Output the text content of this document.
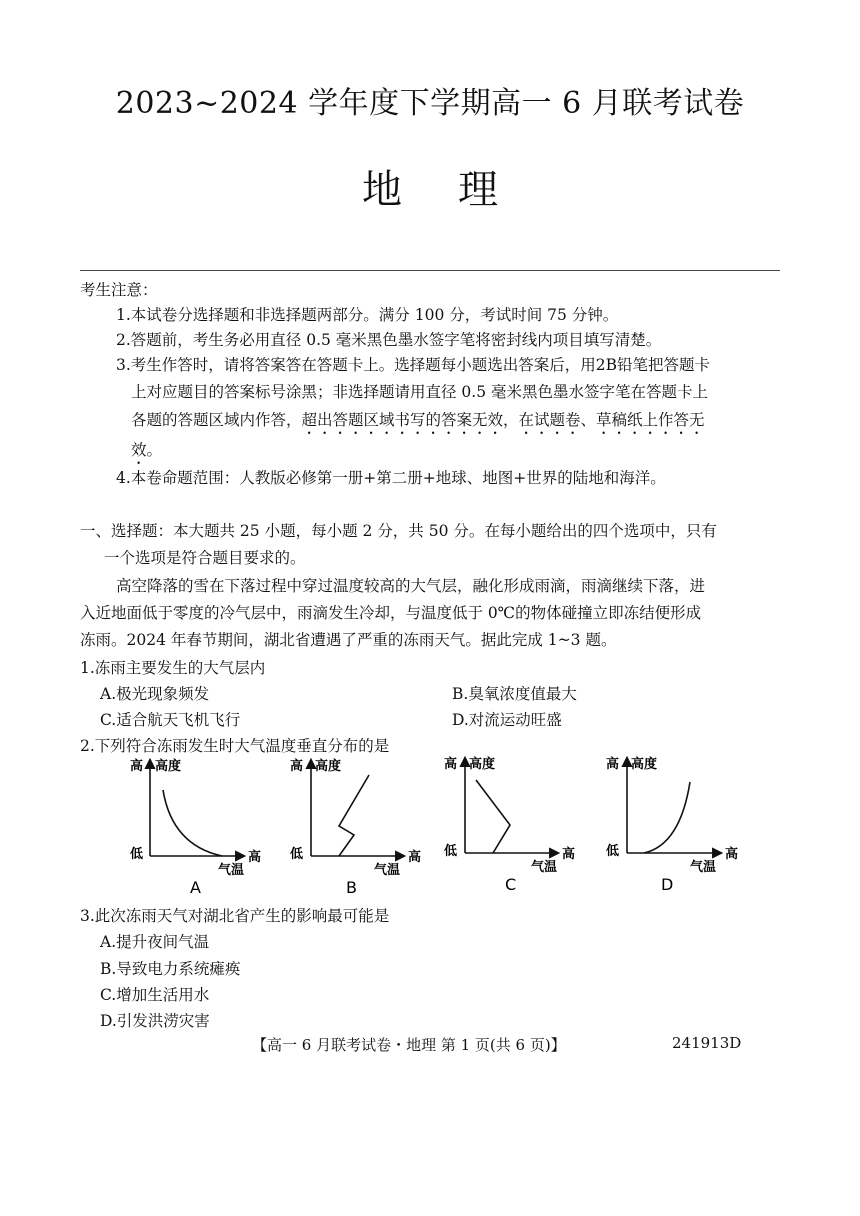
2023~2024 学年度下学期高一 6 月联考试卷
地 理
考生注意：
1.本试卷分选择题和非选择题两部分。满分 100 分，考试时间 75 分钟。
2.答题前，考生务必用直径 0.5 毫米黑色墨水签字笔将密封线内项目填写清楚。
3.考生作答时，请将答案答在答题卡上。选择题每小题选出答案后，用2B铅笔把答题卡
上对应题目的答案标号涂黑；非选择题请用直径 0.5 毫米黑色墨水签字笔在答题卡上
各题的答题区域内作答，超出答题区域书写的答案无效，在试题卷、草稿纸上作答无
效。
4.本卷命题范围：人教版必修第一册+第二册+地球、地图+世界的陆地和海洋。
一、选择题：本大题共 25 小题，每小题 2 分，共 50 分。在每小题给出的四个选项中，只有
一个选项是符合题目要求的。
高空降落的雪在下落过程中穿过温度较高的大气层，融化形成雨滴，雨滴继续下落，进
入近地面低于零度的冷气层中，雨滴发生冷却，与温度低于 0℃的物体碰撞立即冻结便形成
冻雨。2024 年春节期间，湖北省遭遇了严重的冻雨天气。据此完成 1~3 题。
1.冻雨主要发生的大气层内
A.极光现象频发	B.臭氧浓度值最大
C.适合航天飞机飞行	D.对流运动旺盛
2.下列符合冻雨发生时大气温度垂直分布的是
高 高度
低	高
气温
A
高 高度
低	高
气温
B
高 高度
低	高
气温
C
高 高度
低	高
气温
D
3.此次冻雨天气对湖北省产生的影响最可能是
A.提升夜间气温
B.导致电力系统瘫痪
C.增加生活用水
D.引发洪涝灾害
【高一 6 月联考试卷・地理 第 1 页(共 6 页)】	241913D
